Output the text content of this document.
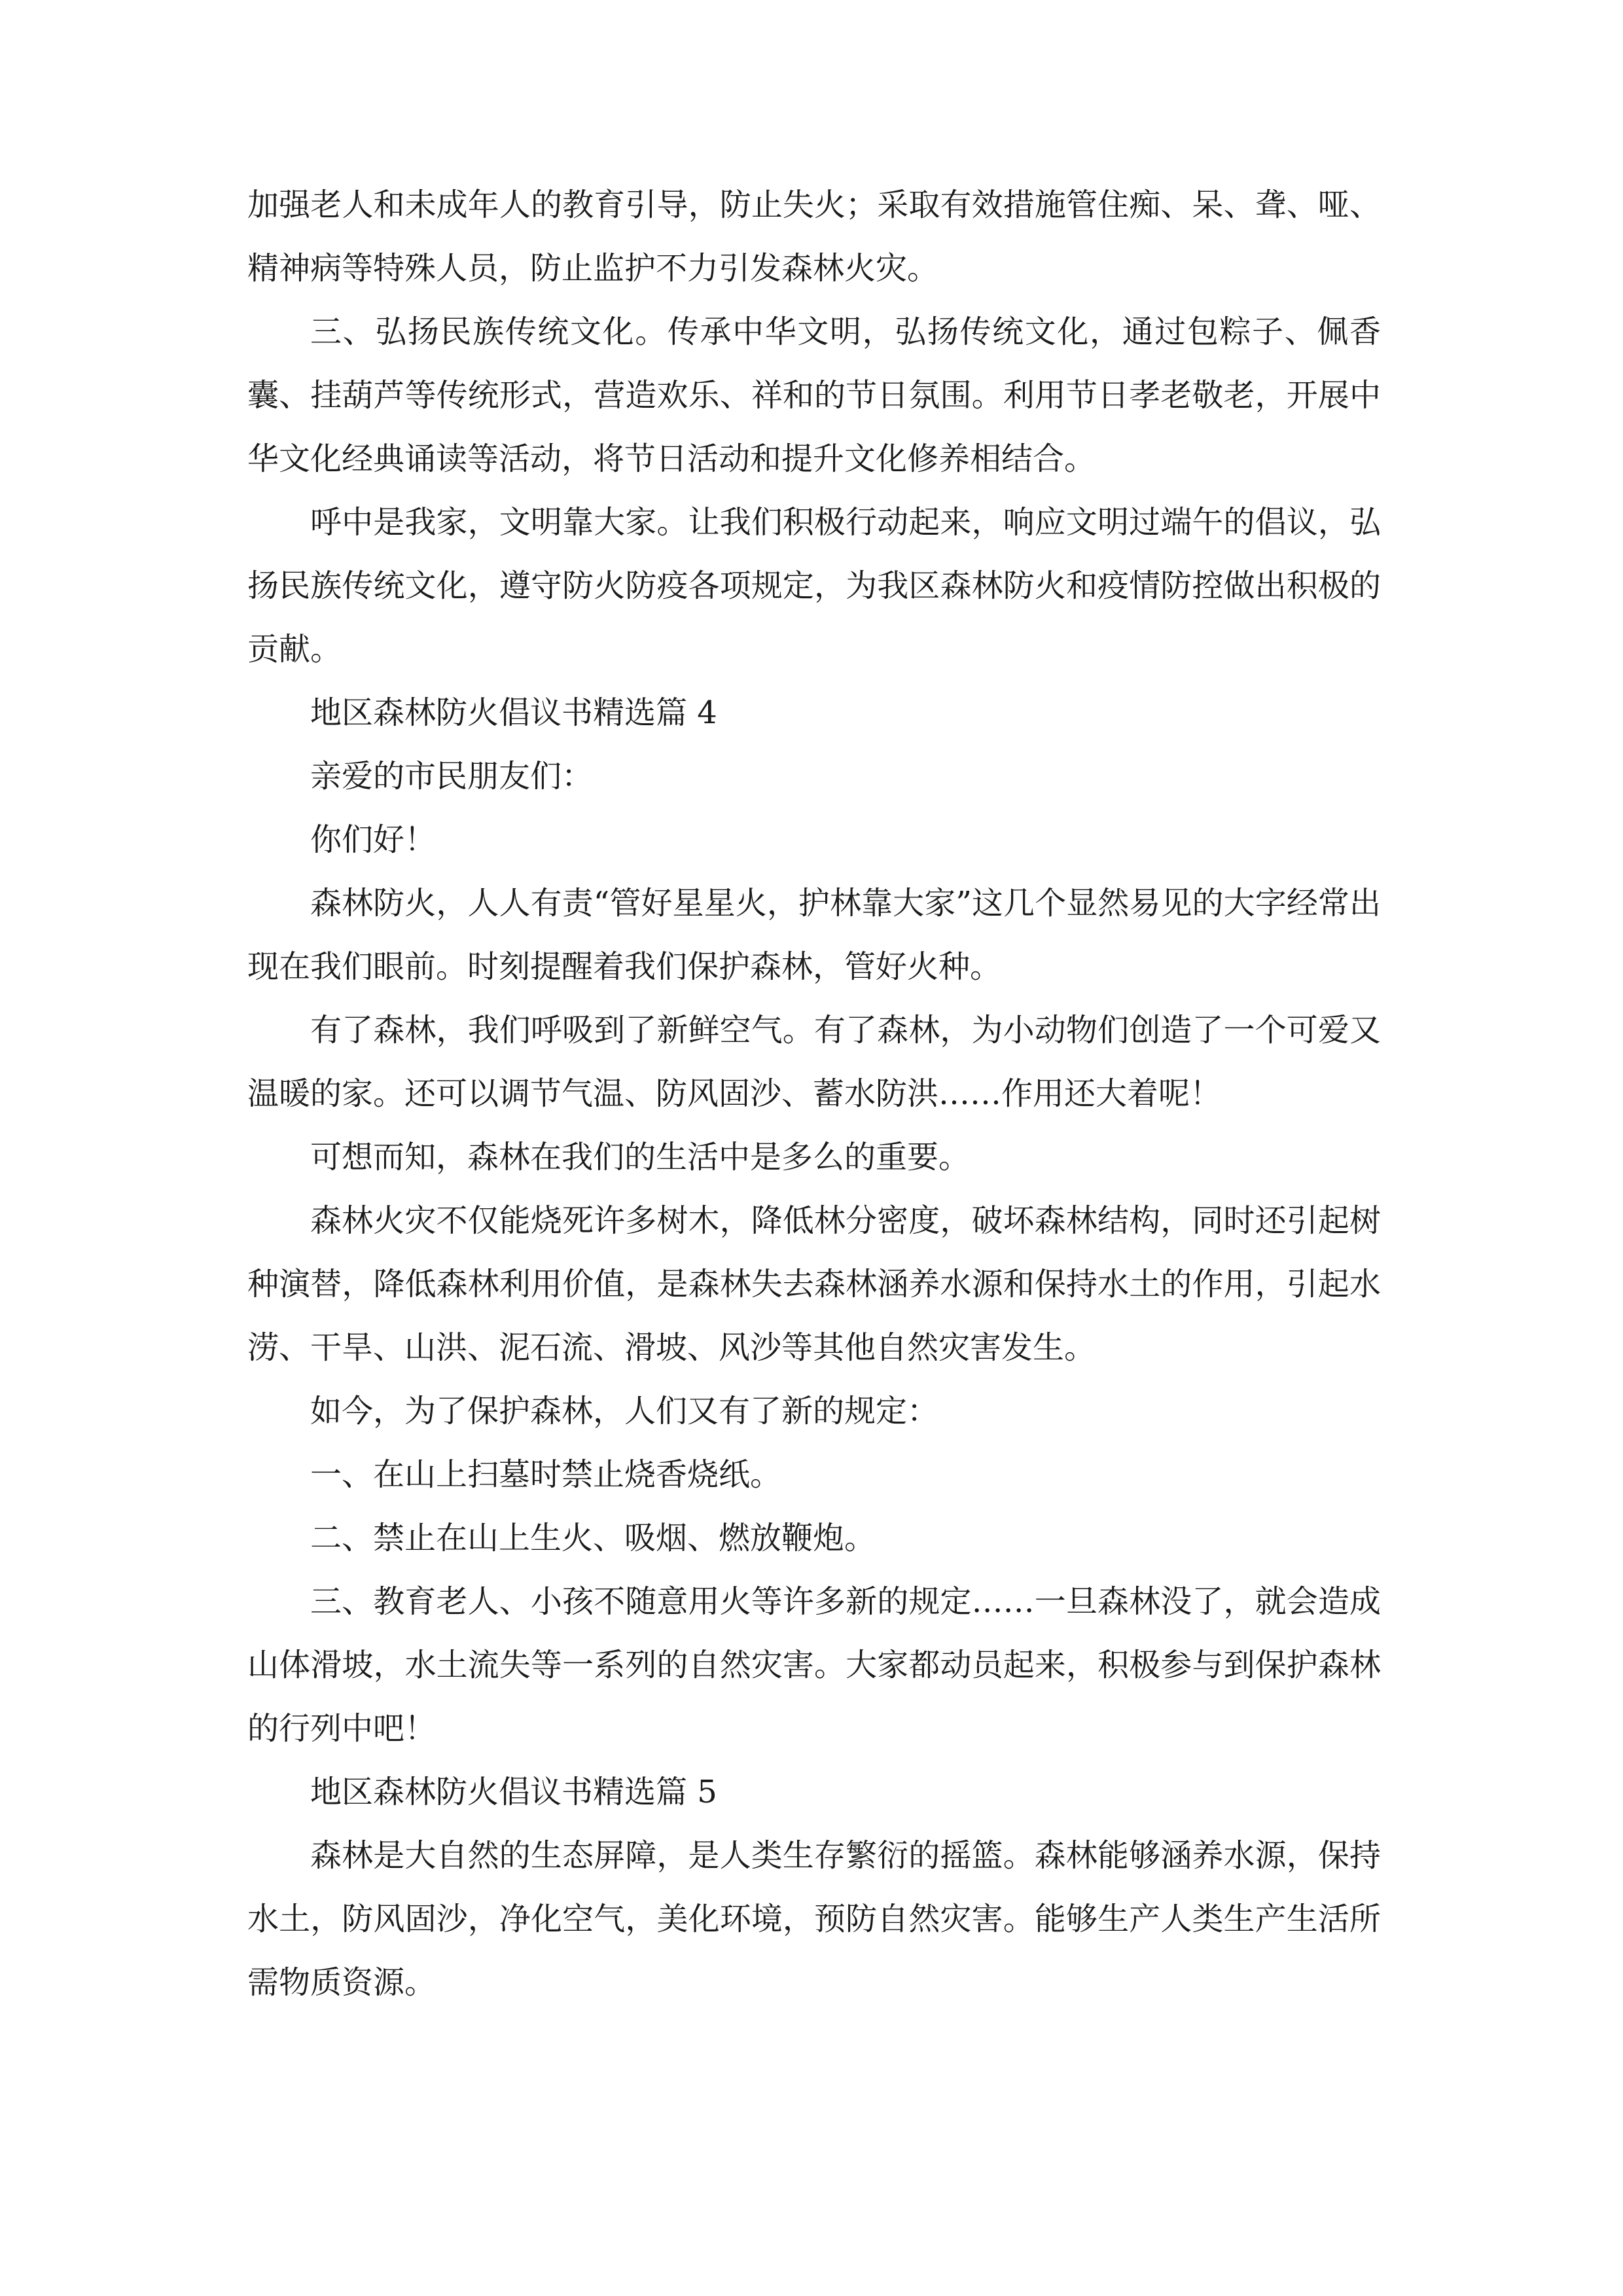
加强老人和未成年人的教育引导，防止失火；采取有效措施管住痴、呆、聋、哑、精神病等特殊人员，防止监护不力引发森林火灾。

三、弘扬民族传统文化。传承中华文明，弘扬传统文化，通过包粽子、佩香囊、挂葫芦等传统形式，营造欢乐、祥和的节日氛围。利用节日孝老敬老，开展中华文化经典诵读等活动，将节日活动和提升文化修养相结合。

呼中是我家，文明靠大家。让我们积极行动起来，响应文明过端午的倡议，弘扬民族传统文化，遵守防火防疫各项规定，为我区森林防火和疫情防控做出积极的贡献。

地区森林防火倡议书精选篇 4

亲爱的市民朋友们：

你们好！

森林防火，人人有责“管好星星火，护林靠大家”这几个显然易见的大字经常出现在我们眼前。时刻提醒着我们保护森林，管好火种。

有了森林，我们呼吸到了新鲜空气。有了森林，为小动物们创造了一个可爱又温暖的家。还可以调节气温、防风固沙、蓄水防洪……作用还大着呢！

可想而知，森林在我们的生活中是多么的重要。

森林火灾不仅能烧死许多树木，降低林分密度，破坏森林结构，同时还引起树种演替，降低森林利用价值，是森林失去森林涵养水源和保持水土的作用，引起水涝、干旱、山洪、泥石流、滑坡、风沙等其他自然灾害发生。

如今，为了保护森林，人们又有了新的规定：

一、在山上扫墓时禁止烧香烧纸。

二、禁止在山上生火、吸烟、燃放鞭炮。

三、教育老人、小孩不随意用火等许多新的规定……一旦森林没了，就会造成山体滑坡，水土流失等一系列的自然灾害。大家都动员起来，积极参与到保护森林的行列中吧！

地区森林防火倡议书精选篇 5

森林是大自然的生态屏障，是人类生存繁衍的摇篮。森林能够涵养水源，保持水土，防风固沙，净化空气，美化环境，预防自然灾害。能够生产人类生产生活所需物质资源。
